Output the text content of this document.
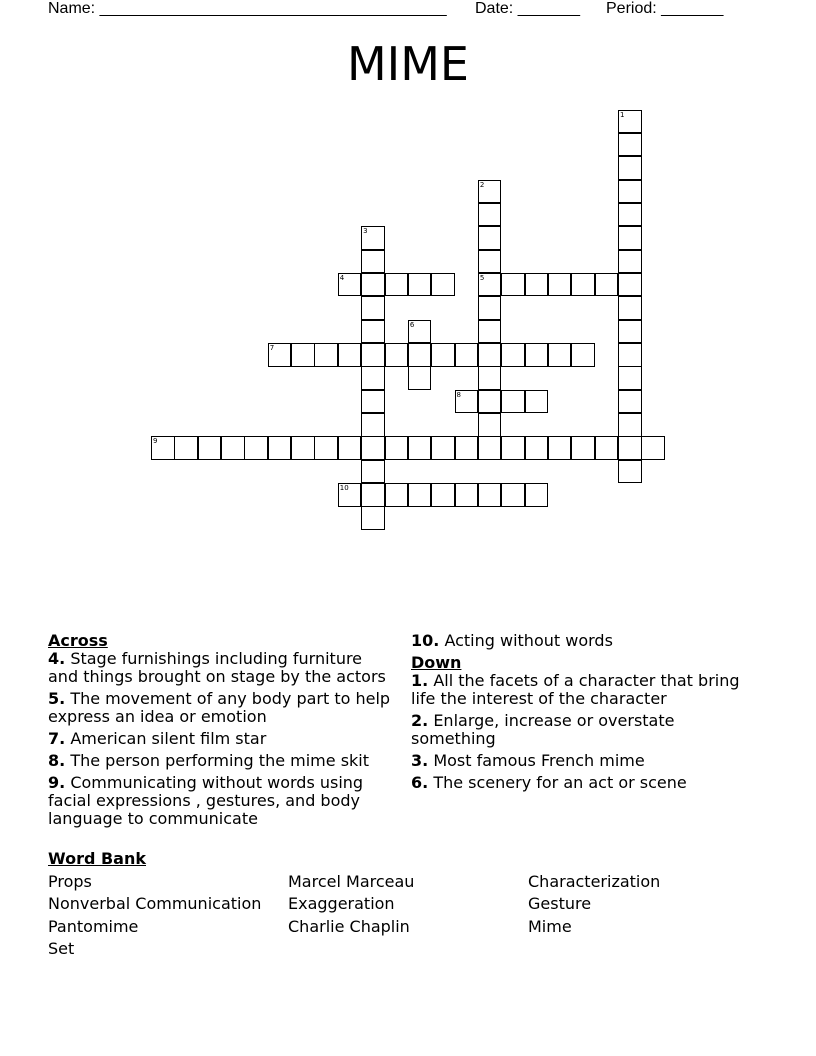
Name: _______________________________________ Date: _______ Period: _______
MIME
1
2
5
3
4
6
7
8
9
10

Across

4. Stage furnishings including furniture and things brought on stage by the actors

5. The movement of any body part to help express an idea or emotion

7. American silent film star

8. The person performing the mime skit

9. Communicating without words using facial expressions , gestures, and body language to communicate

10. Acting without words

Down

1. All the facets of a character that bring life the interest of the character

2. Enlarge, increase or overstate something

3. Most famous French mime

6. The scenery for an act or scene

Word Bank
Props	Marcel Marceau	Characterization
Nonverbal Communication	Exaggeration	Gesture
Pantomime	Charlie Chaplin	Mime
Set
